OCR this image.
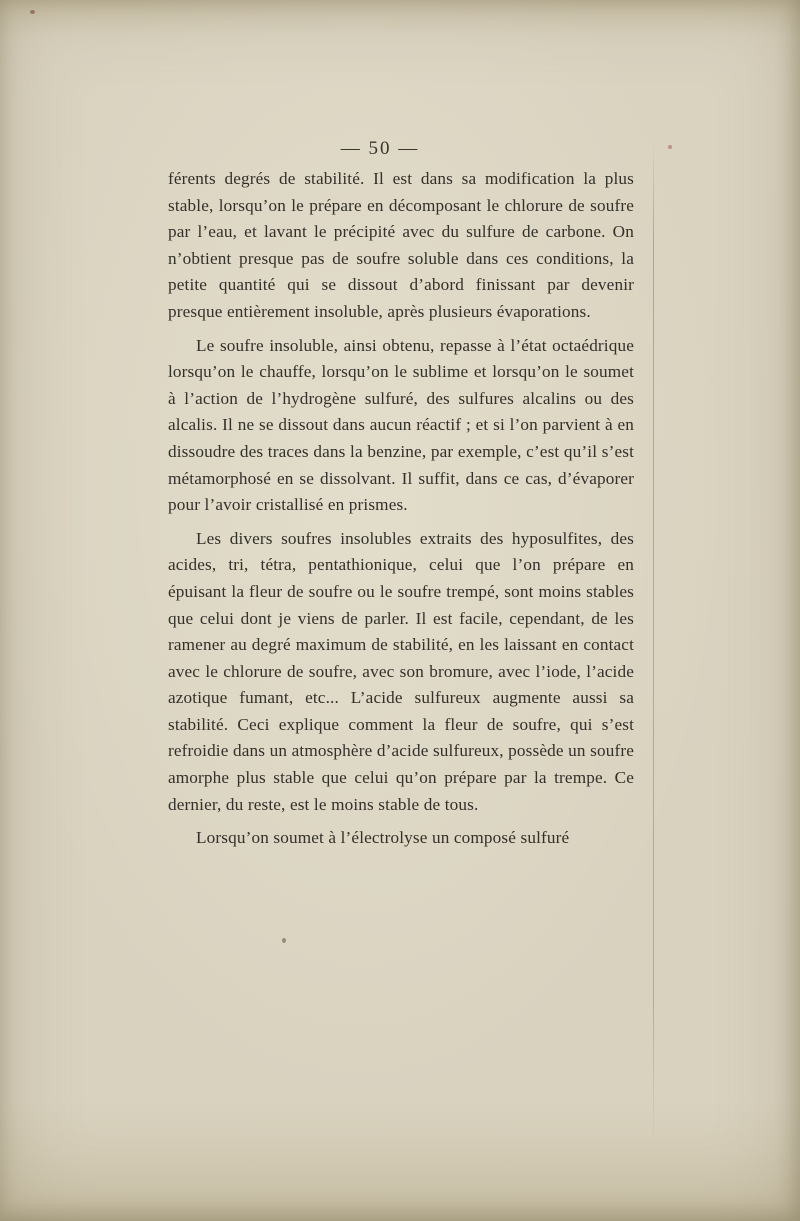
— 50 —

férents degrés de stabilité. Il est dans sa modification la plus stable, lorsqu’on le prépare en décomposant le chlorure de soufre par l’eau, et lavant le précipité avec du sulfure de carbone. On n’obtient presque pas de soufre soluble dans ces conditions, la petite quantité qui se dissout d’abord finissant par devenir presque entièrement insoluble, après plusieurs évaporations.

Le soufre insoluble, ainsi obtenu, repasse à l’état octaédrique lorsqu’on le chauffe, lorsqu’on le sublime et lorsqu’on le soumet à l’action de l’hydrogène sulfuré, des sulfures alcalins ou des alcalis. Il ne se dissout dans aucun réactif ; et si l’on parvient à en dissoudre des traces dans la benzine, par exemple, c’est qu’il s’est métamorphosé en se dissolvant. Il suffit, dans ce cas, d’évaporer pour l’avoir cristallisé en prismes.

Les divers soufres insolubles extraits des hyposulfites, des acides, tri, tétra, pentathionique, celui que l’on prépare en épuisant la fleur de soufre ou le soufre trempé, sont moins stables que celui dont je viens de parler. Il est facile, cependant, de les ramener au degré maximum de stabilité, en les laissant en contact avec le chlorure de soufre, avec son bromure, avec l’iode, l’acide azotique fumant, etc... L’acide sulfureux augmente aussi sa stabilité. Ceci explique comment la fleur de soufre, qui s’est refroidie dans un atmosphère d’acide sulfureux, possède un soufre amorphe plus stable que celui qu’on prépare par la trempe. Ce dernier, du reste, est le moins stable de tous.

Lorsqu’on soumet à l’électrolyse un composé sulfuré
